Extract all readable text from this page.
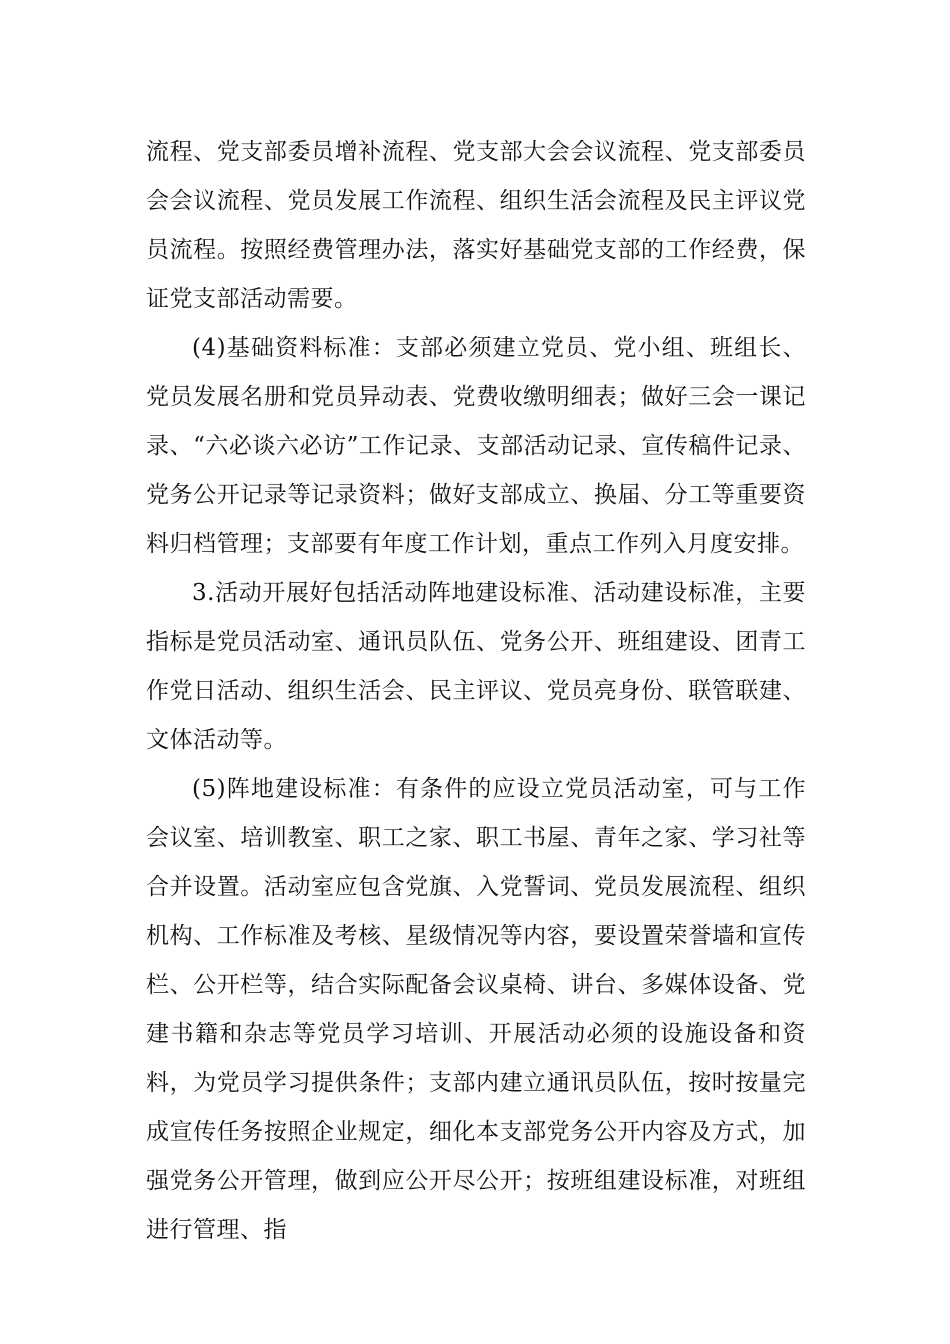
流程、党支部委员增补流程、党支部大会会议流程、党支部委员会会议流程、党员发展工作流程、组织生活会流程及民主评议党员流程。按照经费管理办法，落实好基础党支部的工作经费，保证党支部活动需要。

(4)基础资料标准：支部必须建立党员、党小组、班组长、党员发展名册和党员异动表、党费收缴明细表；做好三会一课记录、“六必谈六必访”工作记录、支部活动记录、宣传稿件记录、党务公开记录等记录资料；做好支部成立、换届、分工等重要资料归档管理；支部要有年度工作计划，重点工作列入月度安排。

3.活动开展好包括活动阵地建设标准、活动建设标准，主要指标是党员活动室、通讯员队伍、党务公开、班组建设、团青工作党日活动、组织生活会、民主评议、党员亮身份、联管联建、文体活动等。

(5)阵地建设标准：有条件的应设立党员活动室，可与工作会议室、培训教室、职工之家、职工书屋、青年之家、学习社等合并设置。活动室应包含党旗、入党誓词、党员发展流程、组织机构、工作标准及考核、星级情况等内容，要设置荣誉墙和宣传栏、公开栏等，结合实际配备会议桌椅、讲台、多媒体设备、党建书籍和杂志等党员学习培训、开展活动必须的设施设备和资料，为党员学习提供条件；支部内建立通讯员队伍，按时按量完成宣传任务按照企业规定，细化本支部党务公开内容及方式，加强党务公开管理，做到应公开尽公开；按班组建设标准，对班组进行管理、指
